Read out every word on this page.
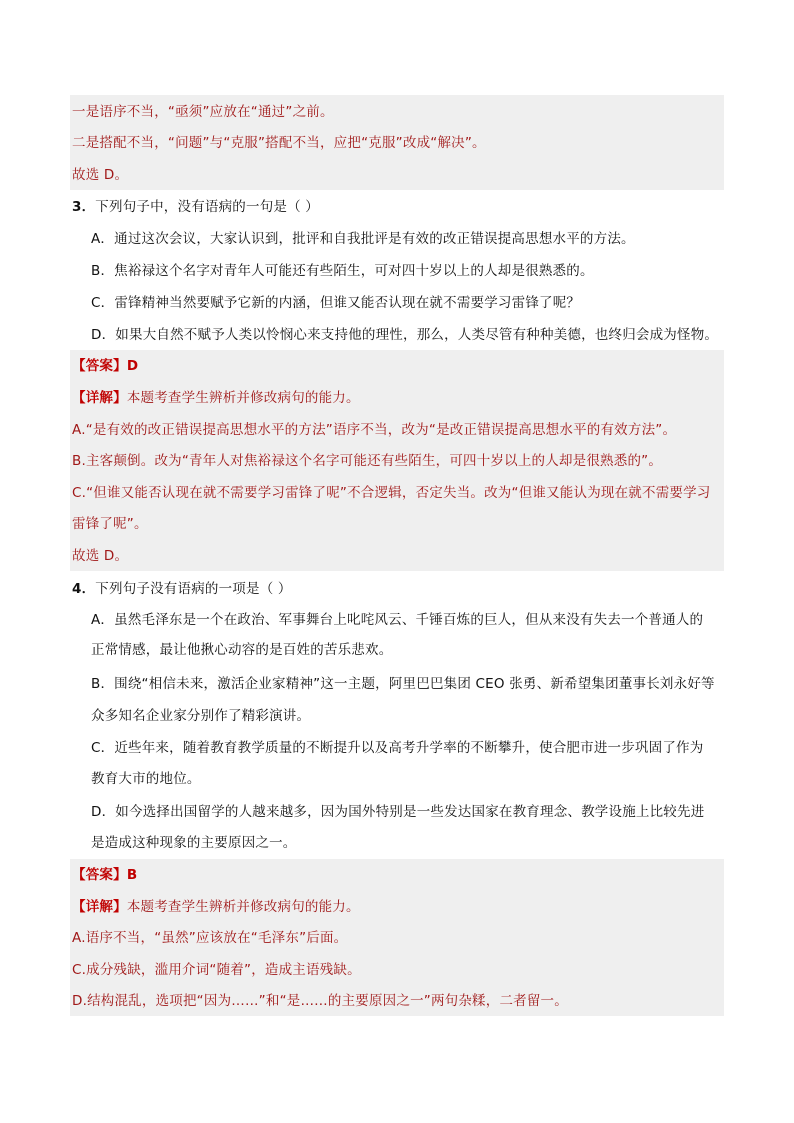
一是语序不当，“亟须”应放在“通过”之前。
二是搭配不当，“问题”与“克服”搭配不当，应把“克服”改成“解决”。
故选 D。
3．下列句子中，没有语病的一句是（ ）
A．通过这次会议，大家认识到，批评和自我批评是有效的改正错误提高思想水平的方法。
B．焦裕禄这个名字对青年人可能还有些陌生，可对四十岁以上的人却是很熟悉的。
C．雷锋精神当然要赋予它新的内涵，但谁又能否认现在就不需要学习雷锋了呢？
D．如果大自然不赋予人类以怜悯心来支持他的理性，那么，人类尽管有种种美德，也终归会成为怪物。
【答案】D
【详解】本题考查学生辨析并修改病句的能力。
A.“是有效的改正错误提高思想水平的方法”语序不当，改为“是改正错误提高思想水平的有效方法”。
B.主客颠倒。改为“青年人对焦裕禄这个名字可能还有些陌生，可四十岁以上的人却是很熟悉的”。
C.“但谁又能否认现在就不需要学习雷锋了呢”不合逻辑，否定失当。改为“但谁又能认为现在就不需要学习
雷锋了呢”。
故选 D。
4．下列句子没有语病的一项是（ ）
A．虽然毛泽东是一个在政治、军事舞台上叱咤风云、千锤百炼的巨人，但从来没有失去一个普通人的
正常情感，最让他揪心动容的是百姓的苦乐悲欢。
B．围绕“相信未来，激活企业家精神”这一主题，阿里巴巴集团 CEO 张勇、新希望集团董事长刘永好等
众多知名企业家分别作了精彩演讲。
C．近些年来，随着教育教学质量的不断提升以及高考升学率的不断攀升，使合肥市进一步巩固了作为
教育大市的地位。
D．如今选择出国留学的人越来越多，因为国外特别是一些发达国家在教育理念、教学设施上比较先进
是造成这种现象的主要原因之一。
【答案】B
【详解】本题考查学生辨析并修改病句的能力。
A.语序不当，“虽然”应该放在“毛泽东”后面。
C.成分残缺，滥用介词“随着”，造成主语残缺。
D.结构混乱，选项把“因为……”和“是……的主要原因之一”两句杂糅，二者留一。
